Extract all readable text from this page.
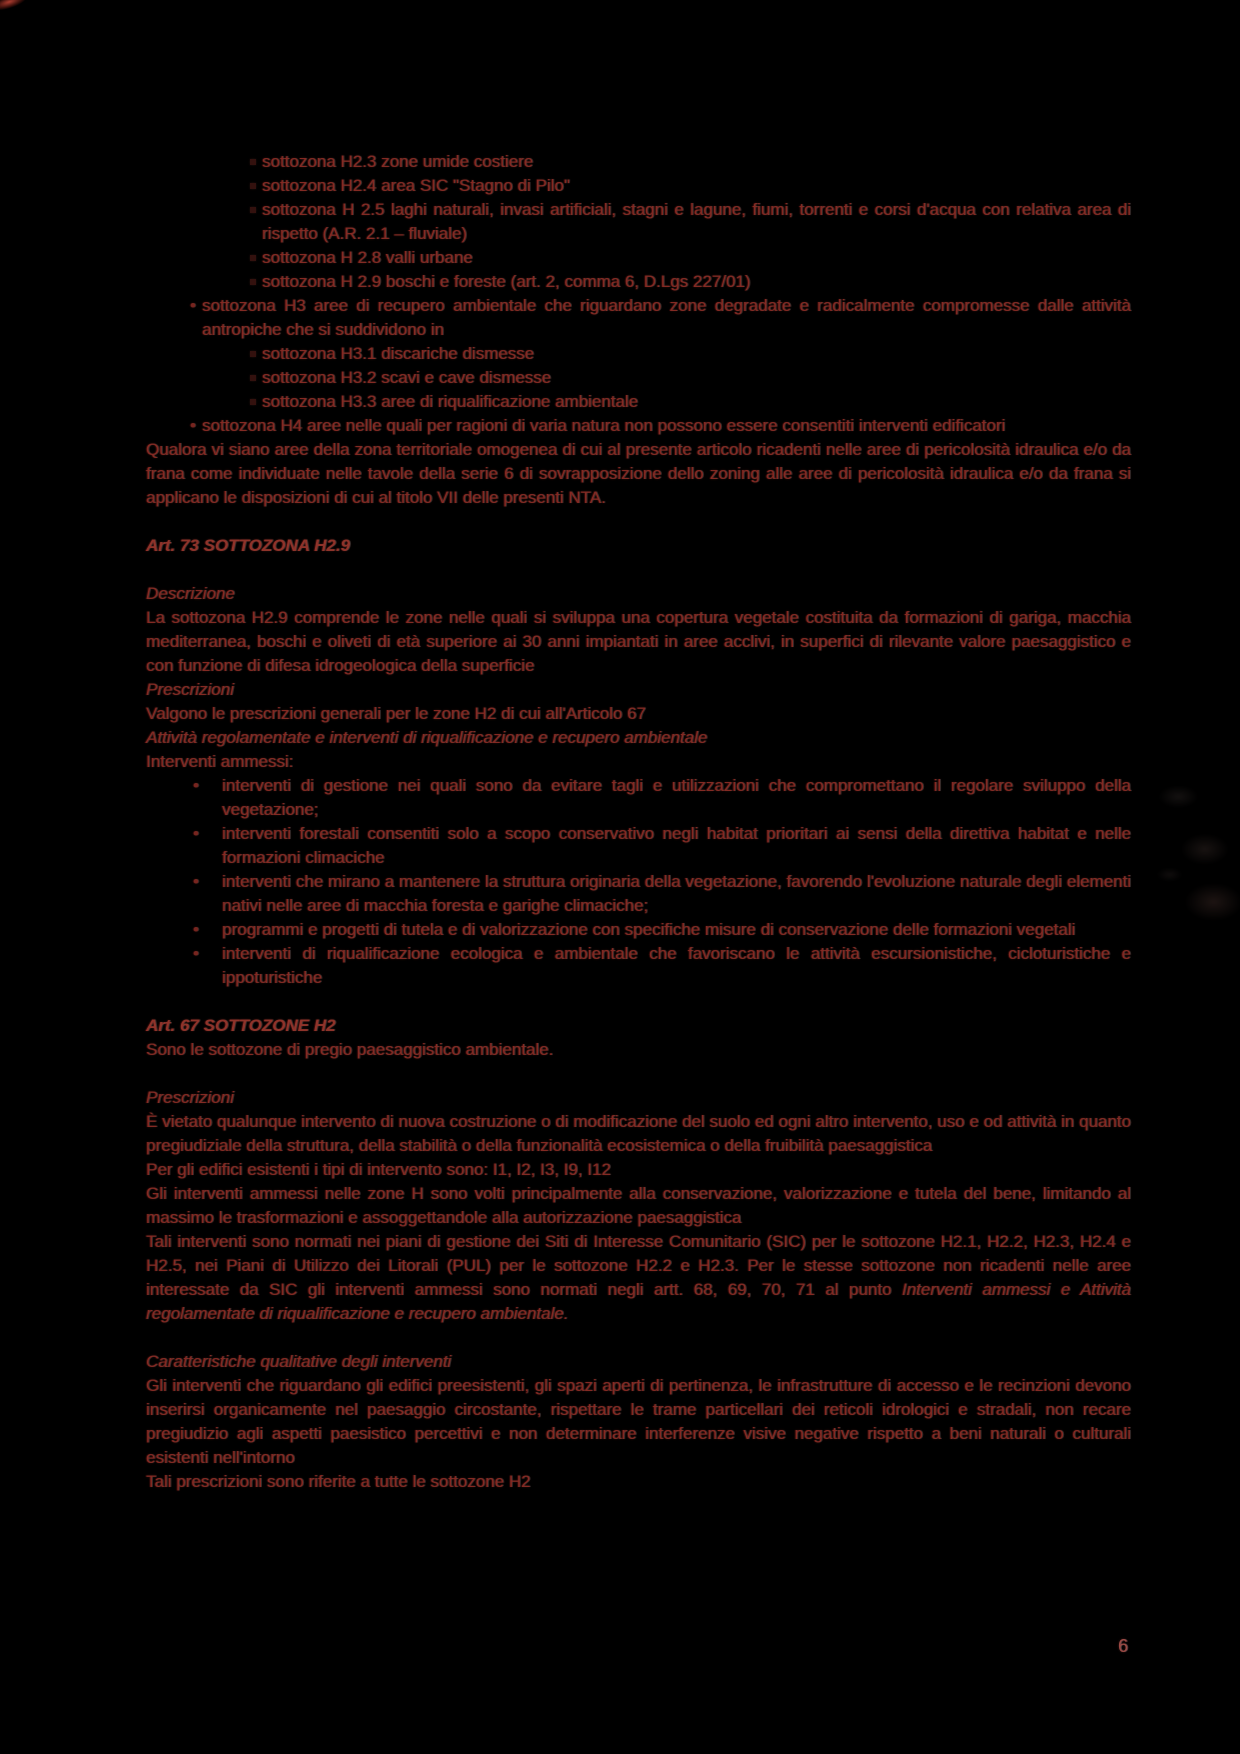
sottozona H2.3 zone umide costiere
sottozona H2.4 area SIC "Stagno di Pilo"
sottozona H 2.5 laghi naturali, invasi artificiali, stagni e lagune, fiumi, torrenti e corsi d'acqua con relativa area di rispetto (A.R. 2.1 – fluviale)
sottozona H 2.8 valli urbane
sottozona H 2.9 boschi e foreste (art. 2, comma 6, D.Lgs 227/01)
• sottozona H3 aree di recupero ambientale che riguardano zone degradate e radicalmente compromesse dalle attività antropiche che si suddividono in
sottozona H3.1 discariche dismesse
sottozona H3.2 scavi e cave dismesse
sottozona H3.3 aree di riqualificazione ambientale
• sottozona H4 aree nelle quali per ragioni di varia natura non possono essere consentiti interventi edificatori
Qualora vi siano aree della zona territoriale omogenea di cui al presente articolo ricadenti nelle aree di pericolosità idraulica e/o da frana come individuate nelle tavole della serie 6 di sovrapposizione dello zoning alle aree di pericolosità idraulica e/o da frana si applicano le disposizioni di cui al titolo VII delle presenti NTA.
Art. 73 SOTTOZONA H2.9
Descrizione
La sottozona H2.9 comprende le zone nelle quali si sviluppa una copertura vegetale costituita da formazioni di gariga, macchia mediterranea, boschi e oliveti di età superiore ai 30 anni impiantati in aree acclivi, in superfici di rilevante valore paesaggistico e con funzione di difesa idrogeologica della superficie
Prescrizioni
Valgono le prescrizioni generali per le zone H2 di cui all'Articolo 67
Attività regolamentate e interventi di riqualificazione e recupero ambientale
Interventi ammessi:
• interventi di gestione nei quali sono da evitare tagli e utilizzazioni che compromettano il regolare sviluppo della vegetazione;
• interventi forestali consentiti solo a scopo conservativo negli habitat prioritari ai sensi della direttiva habitat e nelle formazioni climaciche
• interventi che mirano a mantenere la struttura originaria della vegetazione, favorendo l'evoluzione naturale degli elementi nativi nelle aree di macchia foresta e garighe climaciche;
• programmi e progetti di tutela e di valorizzazione con specifiche misure di conservazione delle formazioni vegetali
• interventi di riqualificazione ecologica e ambientale che favoriscano le attività escursionistiche, cicloturistiche e ippoturistiche
Art. 67 SOTTOZONE H2
Sono le sottozone di pregio paesaggistico ambientale.
Prescrizioni
È vietato qualunque intervento di nuova costruzione o di modificazione del suolo ed ogni altro intervento, uso e od attività in quanto pregiudiziale della struttura, della stabilità o della funzionalità ecosistemica o della fruibilità paesaggistica
Per gli edifici esistenti i tipi di intervento sono: I1, I2, I3, I9, I12
Gli interventi ammessi nelle zone H sono volti principalmente alla conservazione, valorizzazione e tutela del bene, limitando al massimo le trasformazioni e assoggettandole alla autorizzazione paesaggistica
Tali interventi sono normati nei piani di gestione dei Siti di Interesse Comunitario (SIC) per le sottozone H2.1, H2.2, H2.3, H2.4 e H2.5, nei Piani di Utilizzo dei Litorali (PUL) per le sottozone H2.2 e H2.3. Per le stesse sottozone non ricadenti nelle aree interessate da SIC gli interventi ammessi sono normati negli artt. 68, 69, 70, 71 al punto Interventi ammessi e Attività regolamentate di riqualificazione e recupero ambientale.
Caratteristiche qualitative degli interventi
Gli interventi che riguardano gli edifici preesistenti, gli spazi aperti di pertinenza, le infrastrutture di accesso e le recinzioni devono inserirsi organicamente nel paesaggio circostante, rispettare le trame particellari dei reticoli idrologici e stradali, non recare pregiudizio agli aspetti paesistico percettivi e non determinare interferenze visive negative rispetto a beni naturali o culturali esistenti nell'intorno
Tali prescrizioni sono riferite a tutte le sottozone H2
6
